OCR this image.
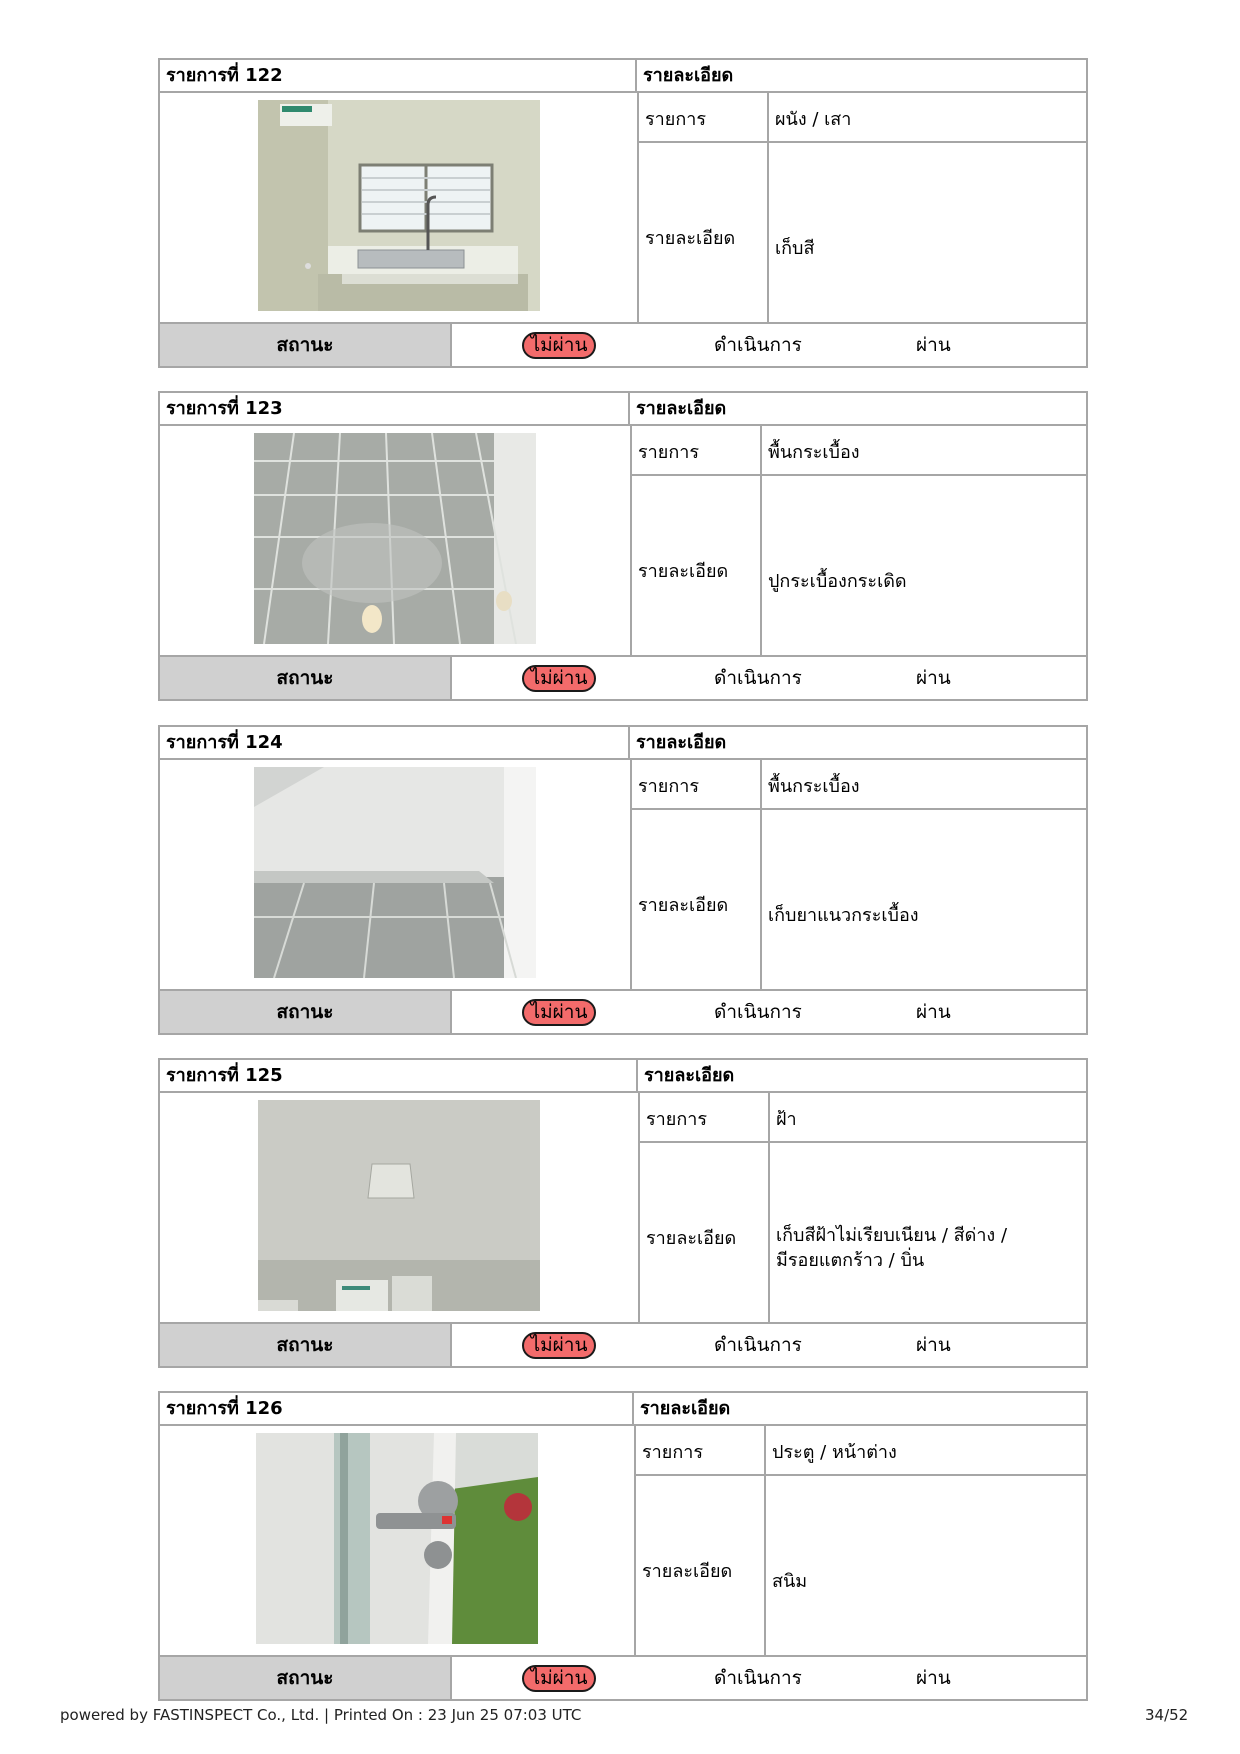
รายการที่ 122	รายละเอียด
รายการ	ผนัง / เสา
รายละเอียด	เก็บสี
สถานะ	ไม่ผ่าน	ดำเนินการ	ผ่าน
รายการที่ 123	รายละเอียด
รายการ	พื้นกระเบื้อง
รายละเอียด	ปูกระเบื้องกระเดิด
สถานะ	ไม่ผ่าน	ดำเนินการ	ผ่าน
รายการที่ 124	รายละเอียด
รายการ	พื้นกระเบื้อง
รายละเอียด	เก็บยาแนวกระเบื้อง
สถานะ	ไม่ผ่าน	ดำเนินการ	ผ่าน
รายการที่ 125	รายละเอียด
รายการ	ฝ้า
รายละเอียด	เก็บสีฝ้าไม่เรียบเนียน / สีด่าง /
มีรอยแตกร้าว / บิ่น
สถานะ	ไม่ผ่าน	ดำเนินการ	ผ่าน
รายการที่ 126	รายละเอียด
รายการ	ประตู / หน้าต่าง
รายละเอียด	สนิม
สถานะ	ไม่ผ่าน	ดำเนินการ	ผ่าน
powered by FASTINSPECT Co., Ltd. | Printed On : 23 Jun 25 07:03 UTC	34/52
